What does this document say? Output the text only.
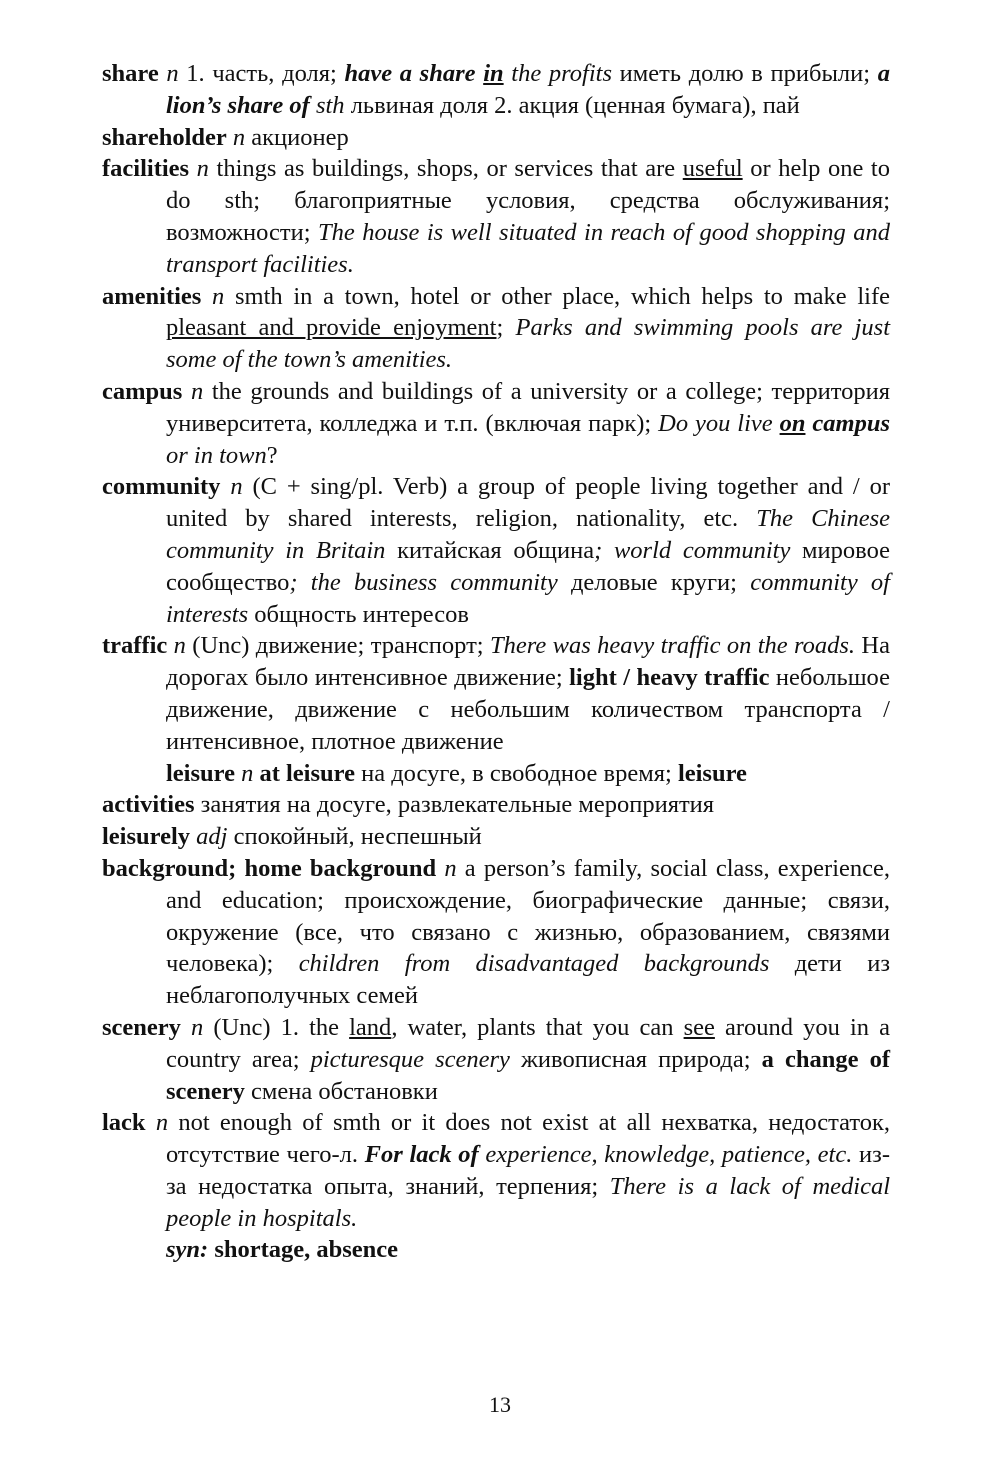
share n 1. часть, доля; have a share in the profits иметь долю в прибыли; a lion’s share of sth львиная доля 2. акция (ценная бумага), пай

shareholder n акционер

facilities n things as buildings, shops, or services that are useful or help one to do sth; благоприятные условия, средства обслуживания; возможности; The house is well situated in reach of good shopping and transport facilities.

amenities n smth in a town, hotel or other place, which helps to make life pleasant and provide enjoyment; Parks and swimming pools are just some of the town’s amenities.

campus n the grounds and buildings of a university or a college; территория университета, колледжа и т.п. (включая парк); Do you live on campus or in town?

community n (C + sing/pl. Verb) a group of people living together and / or united by shared interests, religion, nationality, etc. The Chinese community in Britain китайская община; world community мировое сообщество; the business community деловые круги; community of interests общность интересов

traffic n (Unc) движение; транспорт; There was heavy traffic on the roads. На дорогах было интенсивное движение; light / heavy traffic небольшое движение, движение с небольшим количеством транспорта / интенсивное, плотное движение

leisure n at leisure на досуге, в свободное время; leisure

activities занятия на досуге, развлекательные мероприятия

leisurely adj спокойный, неспешный

background; home background n a person’s family, social class, experience, and education; происхождение, биографические данные; связи, окружение (все, что связано с жизнью, образованием, связями человека); children from disadvantaged backgrounds дети из неблагополучных семей

scenery n (Unc) 1. the land, water, plants that you can see around you in a country area; picturesque scenery живописная природа; a change of scenery смена обстановки

lack n not enough of smth or it does not exist at all нехватка, недостаток, отсутствие чего-л. For lack of experience, knowledge, patience, etc. из-за недостатка опыта, знаний, терпения; There is a lack of medical people in hospitals.

syn: shortage, absence

13
